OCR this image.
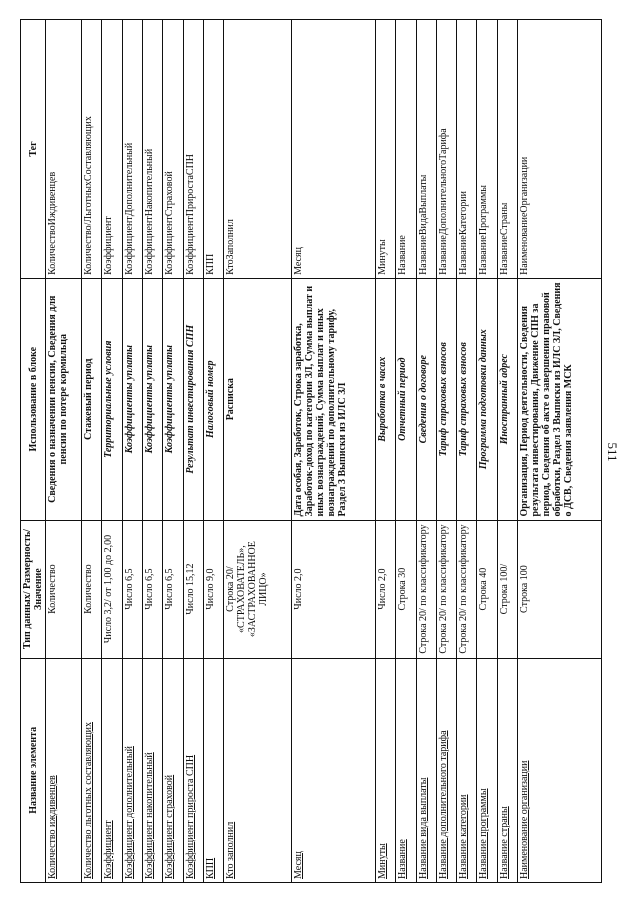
511
Название элемента	Тип данных/ Размерность/ Значение	Использование в блоке	Тег
Количество иждивенцев	Количество	Сведения о назначении пенсии, Сведения для пенсии по потере кормильца	КоличествоИждивенцев
Количество льготных составляющих	Количество	Стажевый период	Количество/ЛьготныхСоставляющих
Коэффициент	Число 3,2/ от 1,00 до 2,00	Территориальные условия	Коэффициент
Коэффициент дополнительный	Число 6,5	Коэффициенты уплаты	КоэффициентДополнительный
Коэффициент накопительный	Число 6,5	Коэффициенты уплаты	КоэффициентНакопительный
Коэффициент страховой	Число 6,5	Коэффициенты уплаты	КоэффициентСтраховой
Коэффициент прироста СПН	Число 15,12	Результат инвестирования СПН	КоэффициентПриростаСПН
КПП	Число 9,0	Налоговый номер	КПП
Кто заполнил	Строка 20/ «СТРАХОВАТЕЛЬ», «ЗАСТРАХОВАННОЕ ЛИЦО»	Расписка	КтоЗаполнил
Месяц	Число 2,0	Дата особая, Заработок, Строка заработка, Заработок-доход по категории ЗЛ, Сумма выплат и иных вознаграждений, Сумма выплат и иных вознаграждений по дополнительному тарифу, Раздел 3 Выписки из ИЛС ЗЛ	Месяц
Минуты	Число 2,0	Выработка в часах	Минуты
Название	Строка 30	Отчетный период	Название
Название вида выплаты	Строка 20/ по классификатору	Сведения о договоре	НазваниеВидаВыплаты
Название дополнительного тарифа	Строка 20/ по классификатору	Тариф страховых взносов	НазваниеДополнительногоТарифа
Название категории	Строка 20/ по классификатору	Тариф страховых взносов	НазваниеКатегории
Название программы	Строка 40	Программа подготовки данных	НазваниеПрограммы
Название страны	Строка 100/	Иностранный адрес	НазваниеСтраны
Наименование организации	Строка 100	Организация, Период деятельности, Сведения результата инвестирования, Движение СПН за период, Сведения об акте о завершении правовой обработки, Раздел 3 Выписки из ИЛС ЗЛ, Сведения о ДСВ, Сведения заявления МСК	НаименованиеОрганизации
